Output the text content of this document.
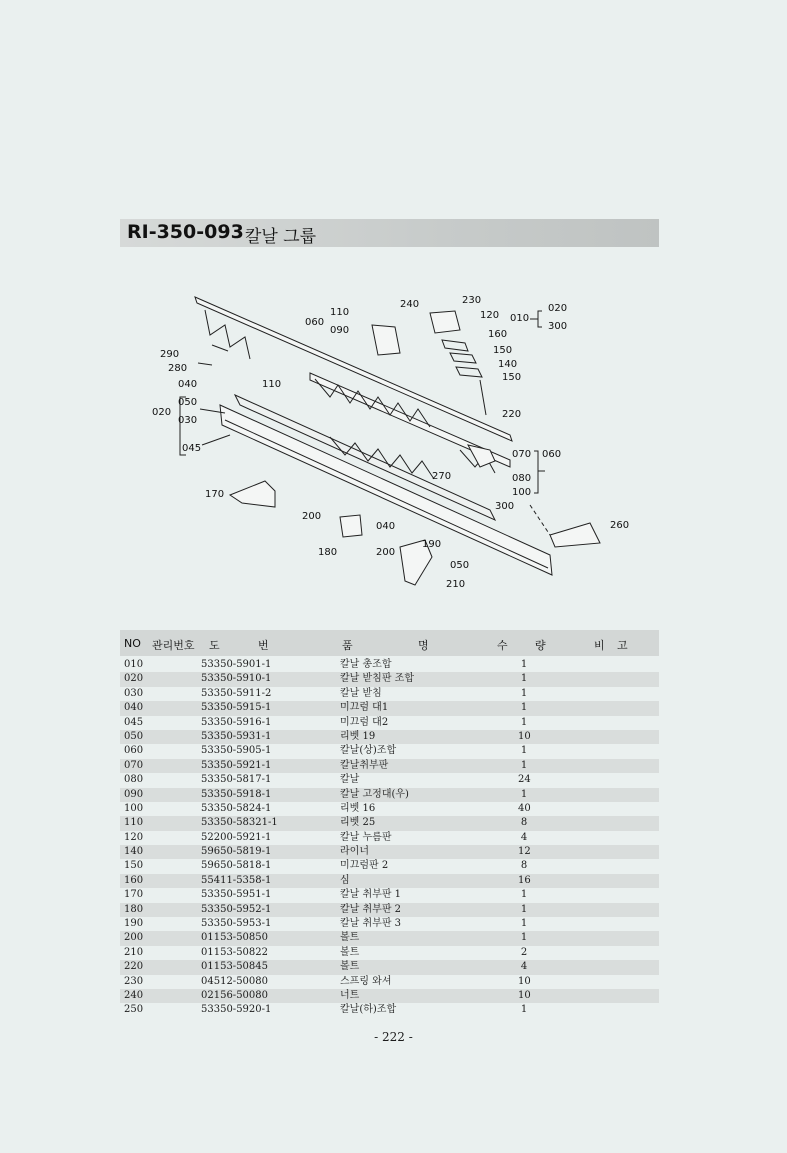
RI-350-093 칼날 그룹
240	230
120
160
150
140
150
220
110
060
090
010
020
300
290
280
040	110
050
020
030
045
070 060
080
100
270
300
170
200
180	200
190
040	260
050
210
NO 관리번호 도	번	품	명	수 량	비 고
010	53350-5901-1	칼날 총조합	1
020	53350-5910-1	칼날 받침판 조합	1
030	53350-5911-2	칼날 받침	1
040	53350-5915-1	미끄럼 대1	1
045	53350-5916-1	미끄럼 대2	1
050	53350-5931-1	리벳 19	10
060	53350-5905-1	칼날(상)조합	1
070	53350-5921-1	칼날취부판	1
080	53350-5817-1	칼날	24
090	53350-5918-1	칼날 고정대(우)	1
100	53350-5824-1	리벳 16	40
110	53350-58321-1	리벳 25	8
120	52200-5921-1	칼날 누름판	4
140	59650-5819-1	라이너	12
150	59650-5818-1	미끄럼판 2	8
160	55411-5358-1	심	16
170	53350-5951-1	칼날 취부판 1	1
180	53350-5952-1	칼날 취부판 2	1
190	53350-5953-1	칼날 취부판 3	1
200	01153-50850	볼트	1
210	01153-50822	볼트	2
220	01153-50845	볼트	4
230	04512-50080	스프링 와셔	10
240	02156-50080	너트	10
250	53350-5920-1	칼날(하)조합	1
- 222 -
